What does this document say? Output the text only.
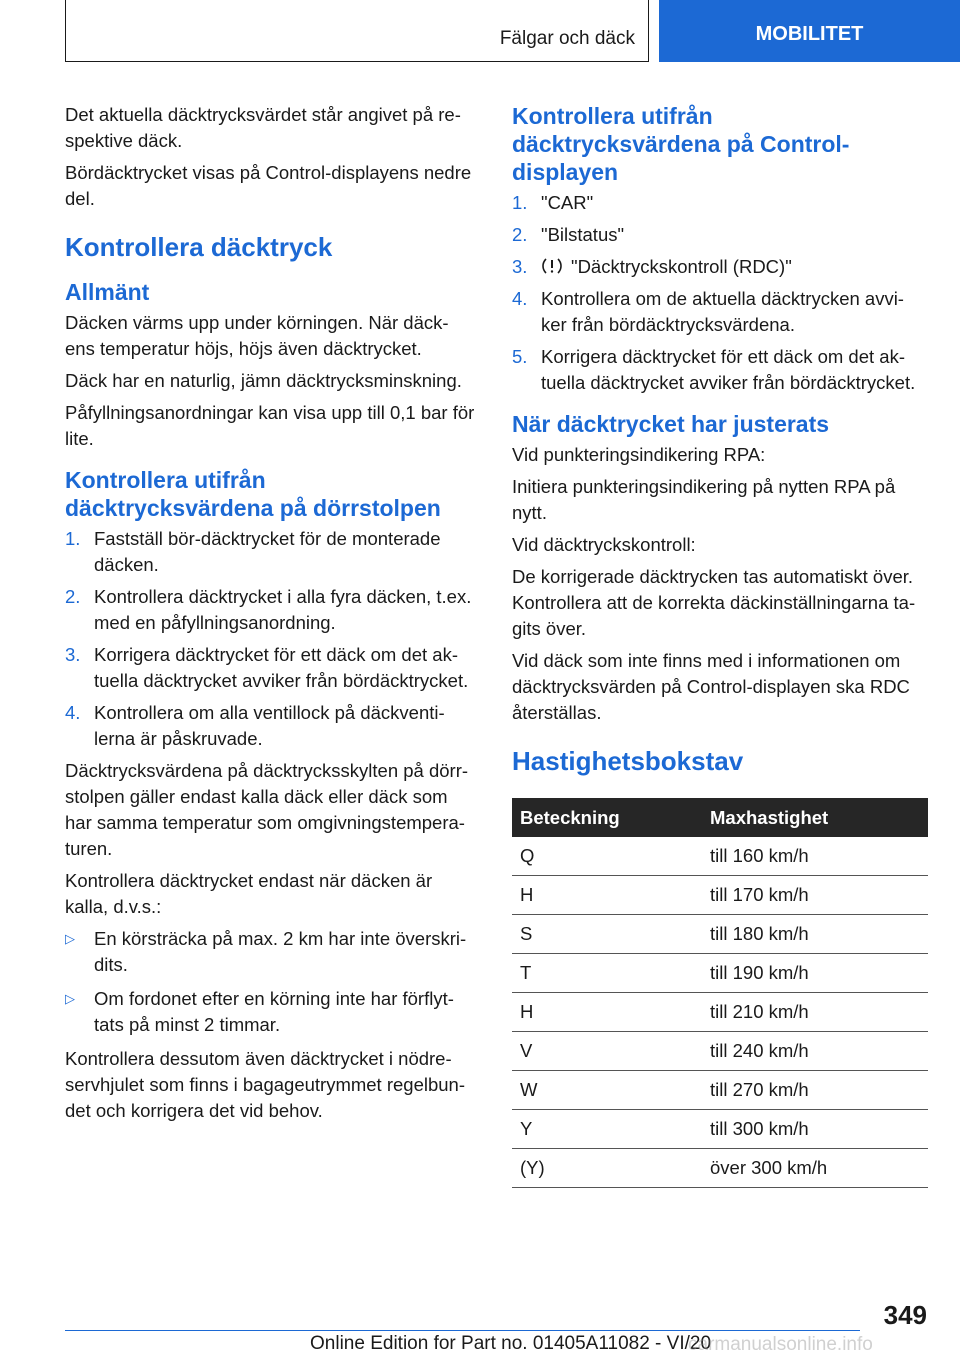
Fälgar och däck	MOBILITET

Det aktuella däcktrycksvärdet står angivet på re-spektive däck.

Bördäcktrycket visas på Control-displayens nedre del.

Kontrollera däcktryck
Allmänt

Däcken värms upp under körningen. När däck-ens temperatur höjs, höjs även däcktrycket.

Däck har en naturlig, jämn däcktrycksminskning.

Påfyllningsanordningar kan visa upp till 0,1 bar för lite.

Kontrollera utifrån däcktrycksvärdena på dörrstolpen
1. Fastställ bör-däcktrycket för de monterade däcken.
2. Kontrollera däcktrycket i alla fyra däcken, t.ex. med en påfyllningsanordning.
3. Korrigera däcktrycket för ett däck om det ak-tuella däcktrycket avviker från bördäcktrycket.
4. Kontrollera om alla ventillock på däckventi-lerna är påskruvade.

Däcktrycksvärdena på däcktrycksskylten på dörr-stolpen gäller endast kalla däck eller däck som har samma temperatur som omgivningstempera-turen.

Kontrollera däcktrycket endast när däcken är kalla, d.v.s.:

▷ En körsträcka på max. 2 km har inte överskri-dits.
▷ Om fordonet efter en körning inte har förflyt-tats på minst 2 timmar.

Kontrollera dessutom även däcktrycket i nödre-servhjulet som finns i bagageutrymmet regelbun-det och korrigera det vid behov.

Kontrollera utifrån däcktrycksvärdena på Control-displayen
1. "CAR"
2. "Bilstatus"
3. "Däcktryckskontroll (RDC)"
4. Kontrollera om de aktuella däcktrycken avvi-ker från bördäcktrycksvärdena.
5. Korrigera däcktrycket för ett däck om det ak-tuella däcktrycket avviker från bördäcktrycket.
När däcktrycket har justerats

Vid punkteringsindikering RPA:

Initiera punkteringsindikering på nytten RPA på nytt.

Vid däcktryckskontroll:

De korrigerade däcktrycken tas automatiskt över. Kontrollera att de korrekta däckinställningarna ta-gits över.

Vid däck som inte finns med i informationen om däcktrycksvärden på Control-displayen ska RDC återställas.

Hastighetsbokstav
Beteckning	Maxhastighet
Q	till 160 km/h
H	till 170 km/h
S	till 180 km/h
T	till 190 km/h
H	till 210 km/h
V	till 240 km/h
W	till 270 km/h
Y	till 300 km/h
(Y)	över 300 km/h
349
Online Edition for Part no. 01405A11082 - VI/20
carmanualsonline.info
